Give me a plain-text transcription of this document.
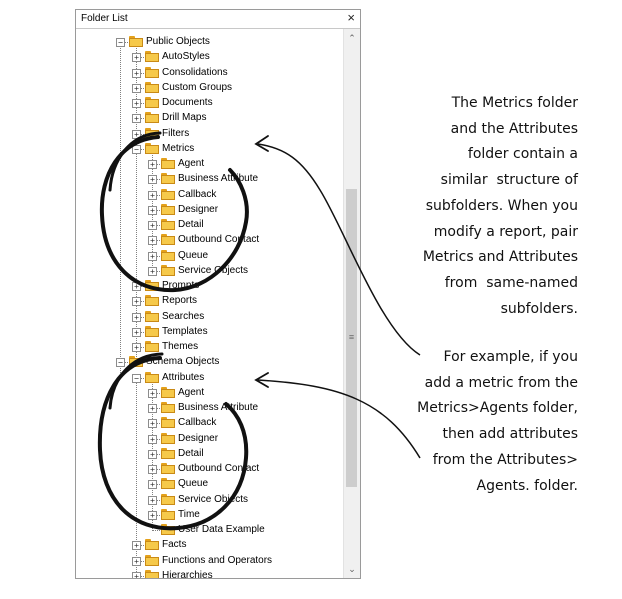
Folder List	×
− Public Objects
+ AutoStyles
+ Consolidations
+ Custom Groups
+ Documents
+ Drill Maps
+ Filters
− Metrics
+ Agent
+ Business Attribute
+ Callback
+ Designer
+ Detail
+ Outbound Contact
+ Queue
+ Service Objects
+ Prompts
+ Reports
+ Searches
+ Templates
+ Themes
− Schema Objects
− Attributes
+ Agent
+ Business Attribute
+ Callback
+ Designer
+ Detail
+ Outbound Contact
+ Queue
+ Service Objects
+ Time
User Data Example
+ Facts
+ Functions and Operators
+ Hierarchies
⌃
≡
⌄
The Metrics folder
and the Attributes
folder contain a
similar  structure of
subfolders. When you
modify a report, pair
Metrics and Attributes
from  same-named
subfolders.
For example, if you
add a metric from the
Metrics>Agents folder,
then add attributes
from the Attributes>
Agents. folder.
